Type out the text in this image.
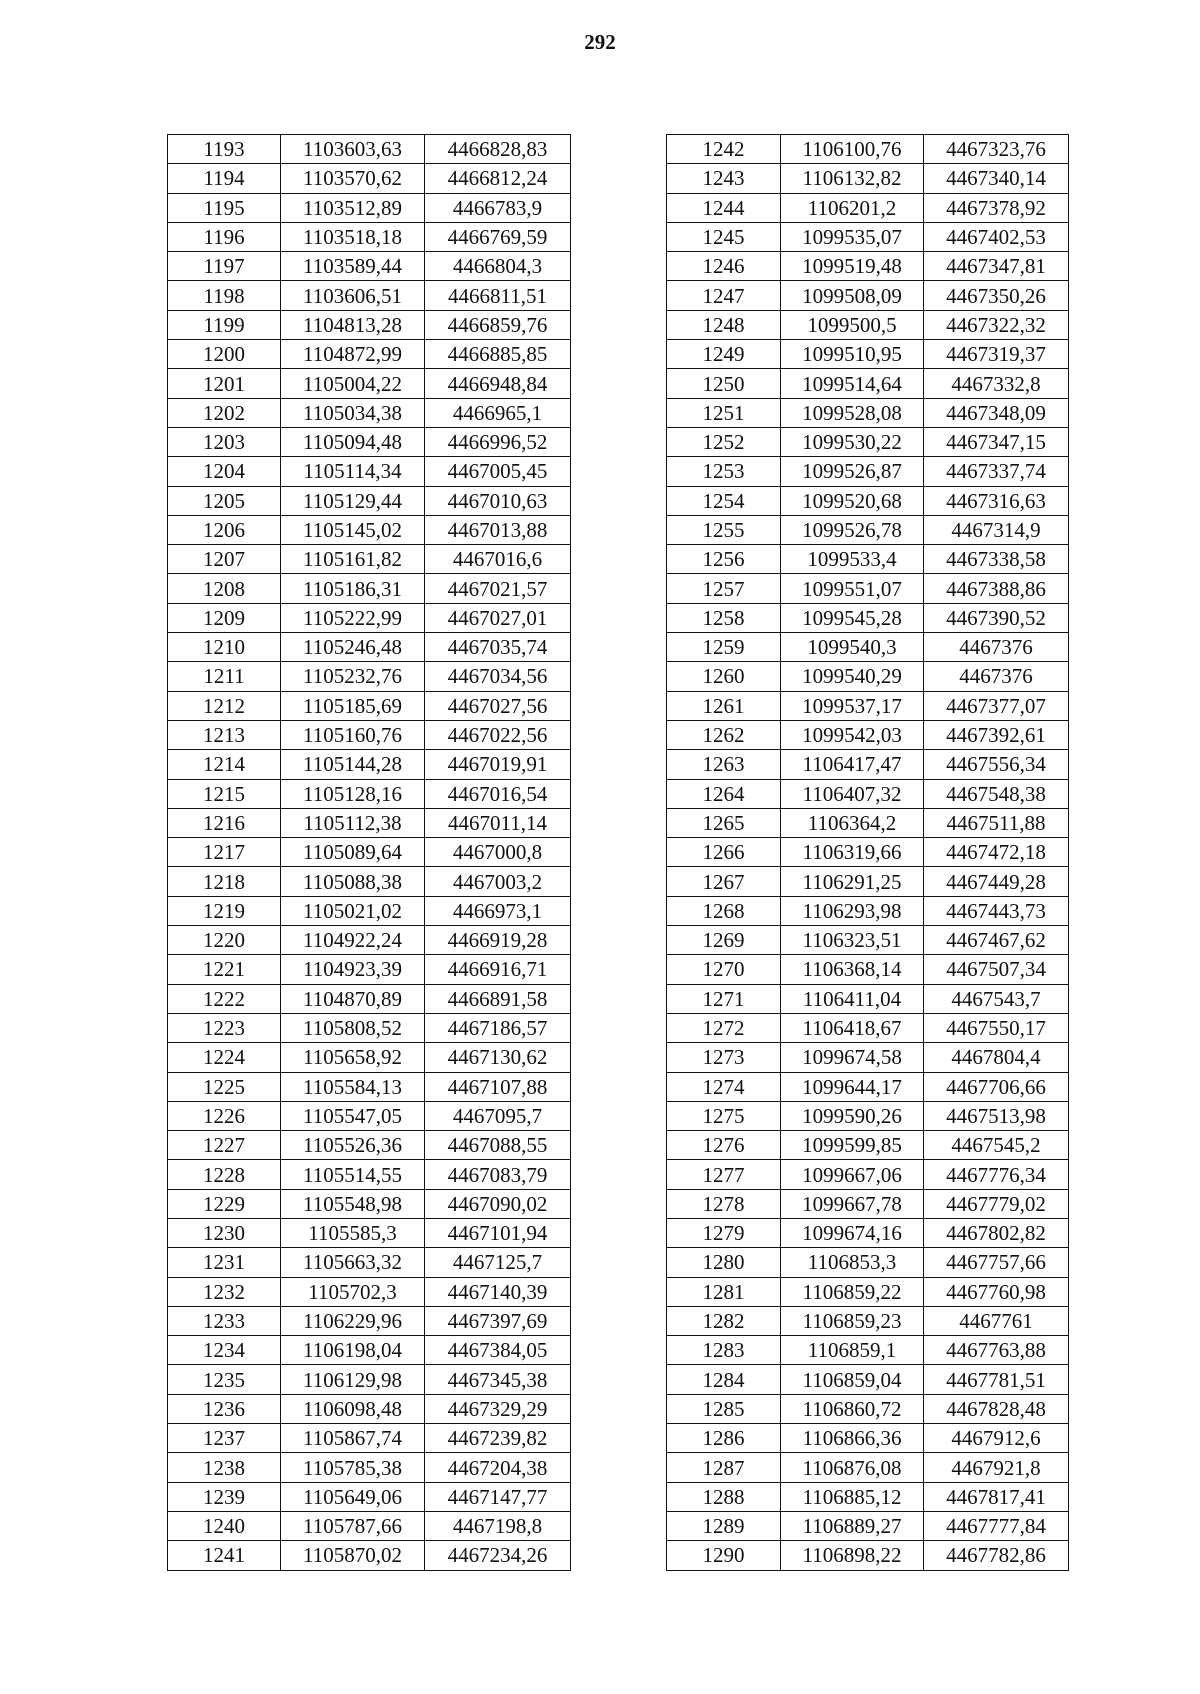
292
1193	1103603,63	4466828,83
1194	1103570,62	4466812,24
1195	1103512,89	4466783,9
1196	1103518,18	4466769,59
1197	1103589,44	4466804,3
1198	1103606,51	4466811,51
1199	1104813,28	4466859,76
1200	1104872,99	4466885,85
1201	1105004,22	4466948,84
1202	1105034,38	4466965,1
1203	1105094,48	4466996,52
1204	1105114,34	4467005,45
1205	1105129,44	4467010,63
1206	1105145,02	4467013,88
1207	1105161,82	4467016,6
1208	1105186,31	4467021,57
1209	1105222,99	4467027,01
1210	1105246,48	4467035,74
1211	1105232,76	4467034,56
1212	1105185,69	4467027,56
1213	1105160,76	4467022,56
1214	1105144,28	4467019,91
1215	1105128,16	4467016,54
1216	1105112,38	4467011,14
1217	1105089,64	4467000,8
1218	1105088,38	4467003,2
1219	1105021,02	4466973,1
1220	1104922,24	4466919,28
1221	1104923,39	4466916,71
1222	1104870,89	4466891,58
1223	1105808,52	4467186,57
1224	1105658,92	4467130,62
1225	1105584,13	4467107,88
1226	1105547,05	4467095,7
1227	1105526,36	4467088,55
1228	1105514,55	4467083,79
1229	1105548,98	4467090,02
1230	1105585,3	4467101,94
1231	1105663,32	4467125,7
1232	1105702,3	4467140,39
1233	1106229,96	4467397,69
1234	1106198,04	4467384,05
1235	1106129,98	4467345,38
1236	1106098,48	4467329,29
1237	1105867,74	4467239,82
1238	1105785,38	4467204,38
1239	1105649,06	4467147,77
1240	1105787,66	4467198,8
1241	1105870,02	4467234,26
1242	1106100,76	4467323,76
1243	1106132,82	4467340,14
1244	1106201,2	4467378,92
1245	1099535,07	4467402,53
1246	1099519,48	4467347,81
1247	1099508,09	4467350,26
1248	1099500,5	4467322,32
1249	1099510,95	4467319,37
1250	1099514,64	4467332,8
1251	1099528,08	4467348,09
1252	1099530,22	4467347,15
1253	1099526,87	4467337,74
1254	1099520,68	4467316,63
1255	1099526,78	4467314,9
1256	1099533,4	4467338,58
1257	1099551,07	4467388,86
1258	1099545,28	4467390,52
1259	1099540,3	4467376
1260	1099540,29	4467376
1261	1099537,17	4467377,07
1262	1099542,03	4467392,61
1263	1106417,47	4467556,34
1264	1106407,32	4467548,38
1265	1106364,2	4467511,88
1266	1106319,66	4467472,18
1267	1106291,25	4467449,28
1268	1106293,98	4467443,73
1269	1106323,51	4467467,62
1270	1106368,14	4467507,34
1271	1106411,04	4467543,7
1272	1106418,67	4467550,17
1273	1099674,58	4467804,4
1274	1099644,17	4467706,66
1275	1099590,26	4467513,98
1276	1099599,85	4467545,2
1277	1099667,06	4467776,34
1278	1099667,78	4467779,02
1279	1099674,16	4467802,82
1280	1106853,3	4467757,66
1281	1106859,22	4467760,98
1282	1106859,23	4467761
1283	1106859,1	4467763,88
1284	1106859,04	4467781,51
1285	1106860,72	4467828,48
1286	1106866,36	4467912,6
1287	1106876,08	4467921,8
1288	1106885,12	4467817,41
1289	1106889,27	4467777,84
1290	1106898,22	4467782,86
